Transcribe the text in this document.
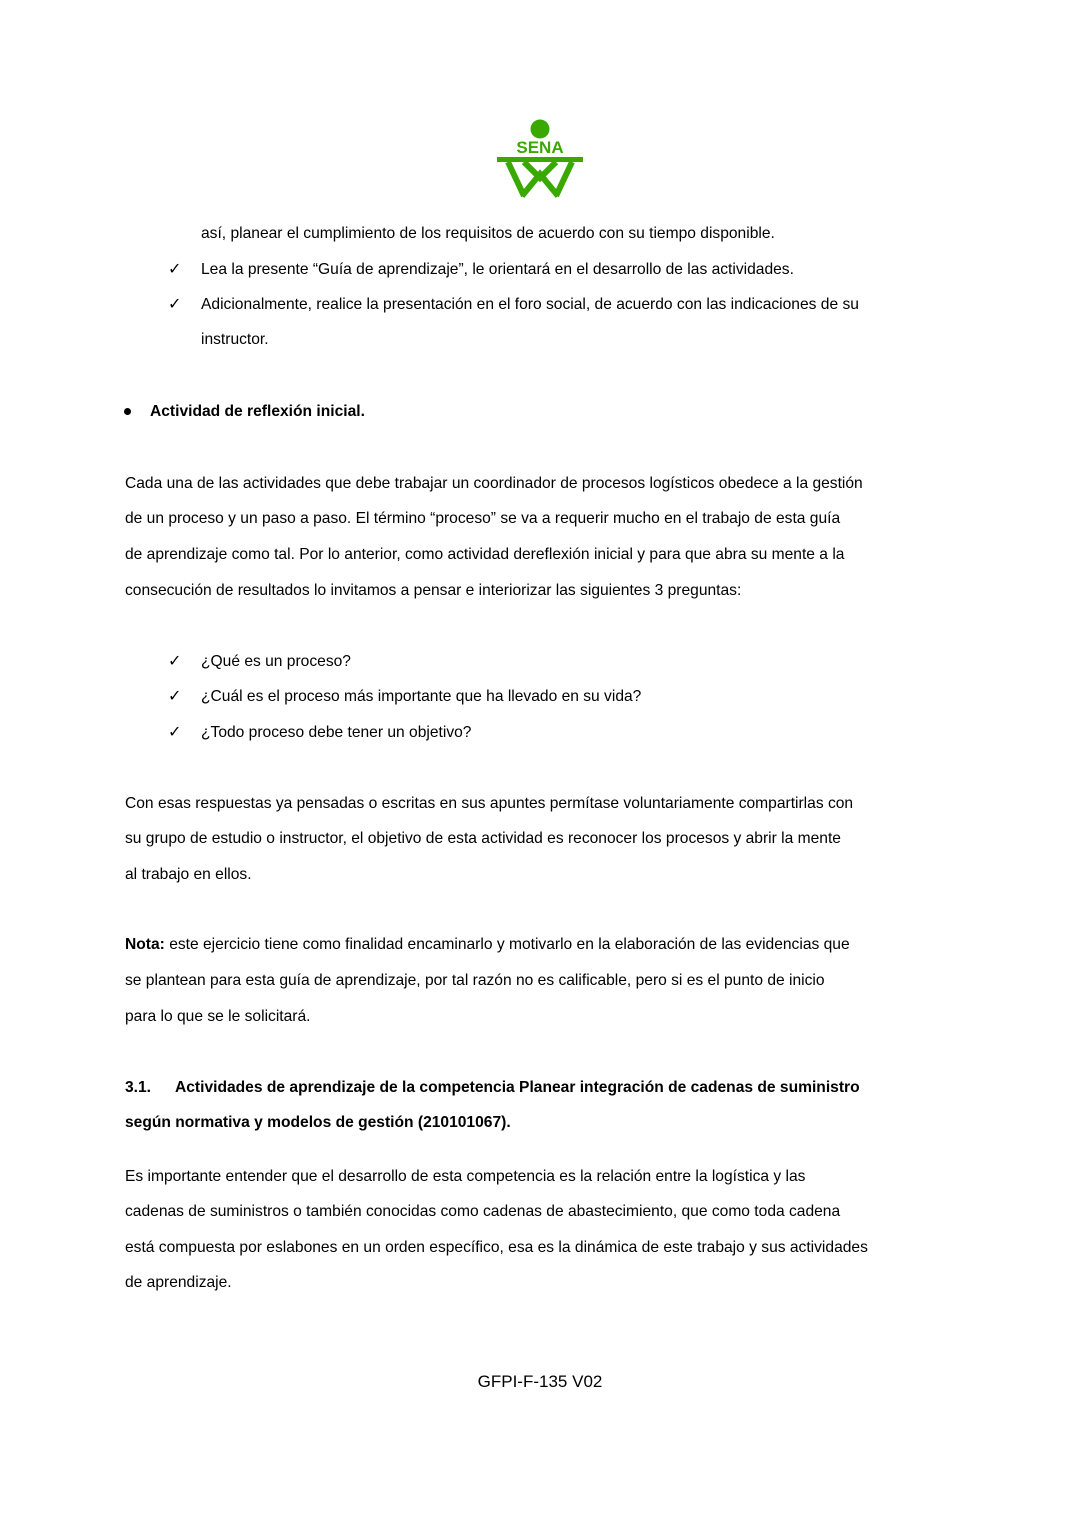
SENA
así, planear el cumplimiento de los requisitos de acuerdo con su tiempo disponible.
✓ Lea la presente “Guía de aprendizaje”, le orientará en el desarrollo de las actividades.
✓ Adicionalmente, realice la presentación en el foro social, de acuerdo con las indicaciones de su
instructor.
Actividad de reflexión inicial.
Cada una de las actividades que debe trabajar un coordinador de procesos logísticos obedece a la gestión
de un proceso y un paso a paso. El término “proceso” se va a requerir mucho en el trabajo de esta guía
de aprendizaje como tal. Por lo anterior, como actividad dereflexión inicial y para que abra su mente a la
consecución de resultados lo invitamos a pensar e interiorizar las siguientes 3 preguntas:
✓ ¿Qué es un proceso?
✓ ¿Cuál es el proceso más importante que ha llevado en su vida?
✓ ¿Todo proceso debe tener un objetivo?
Con esas respuestas ya pensadas o escritas en sus apuntes permítase voluntariamente compartirlas con
su grupo de estudio o instructor, el objetivo de esta actividad es reconocer los procesos y abrir la mente
al trabajo en ellos.
Nota: este ejercicio tiene como finalidad encaminarlo y motivarlo en la elaboración de las evidencias que
se plantean para esta guía de aprendizaje, por tal razón no es calificable, pero si es el punto de inicio
para lo que se le solicitará.
3.1. Actividades de aprendizaje de la competencia Planear integración de cadenas de suministro
según normativa y modelos de gestión (210101067).
Es importante entender que el desarrollo de esta competencia es la relación entre la logística y las
cadenas de suministros o también conocidas como cadenas de abastecimiento, que como toda cadena
está compuesta por eslabones en un orden específico, esa es la dinámica de este trabajo y sus actividades
de aprendizaje.
GFPI-F-135 V02
